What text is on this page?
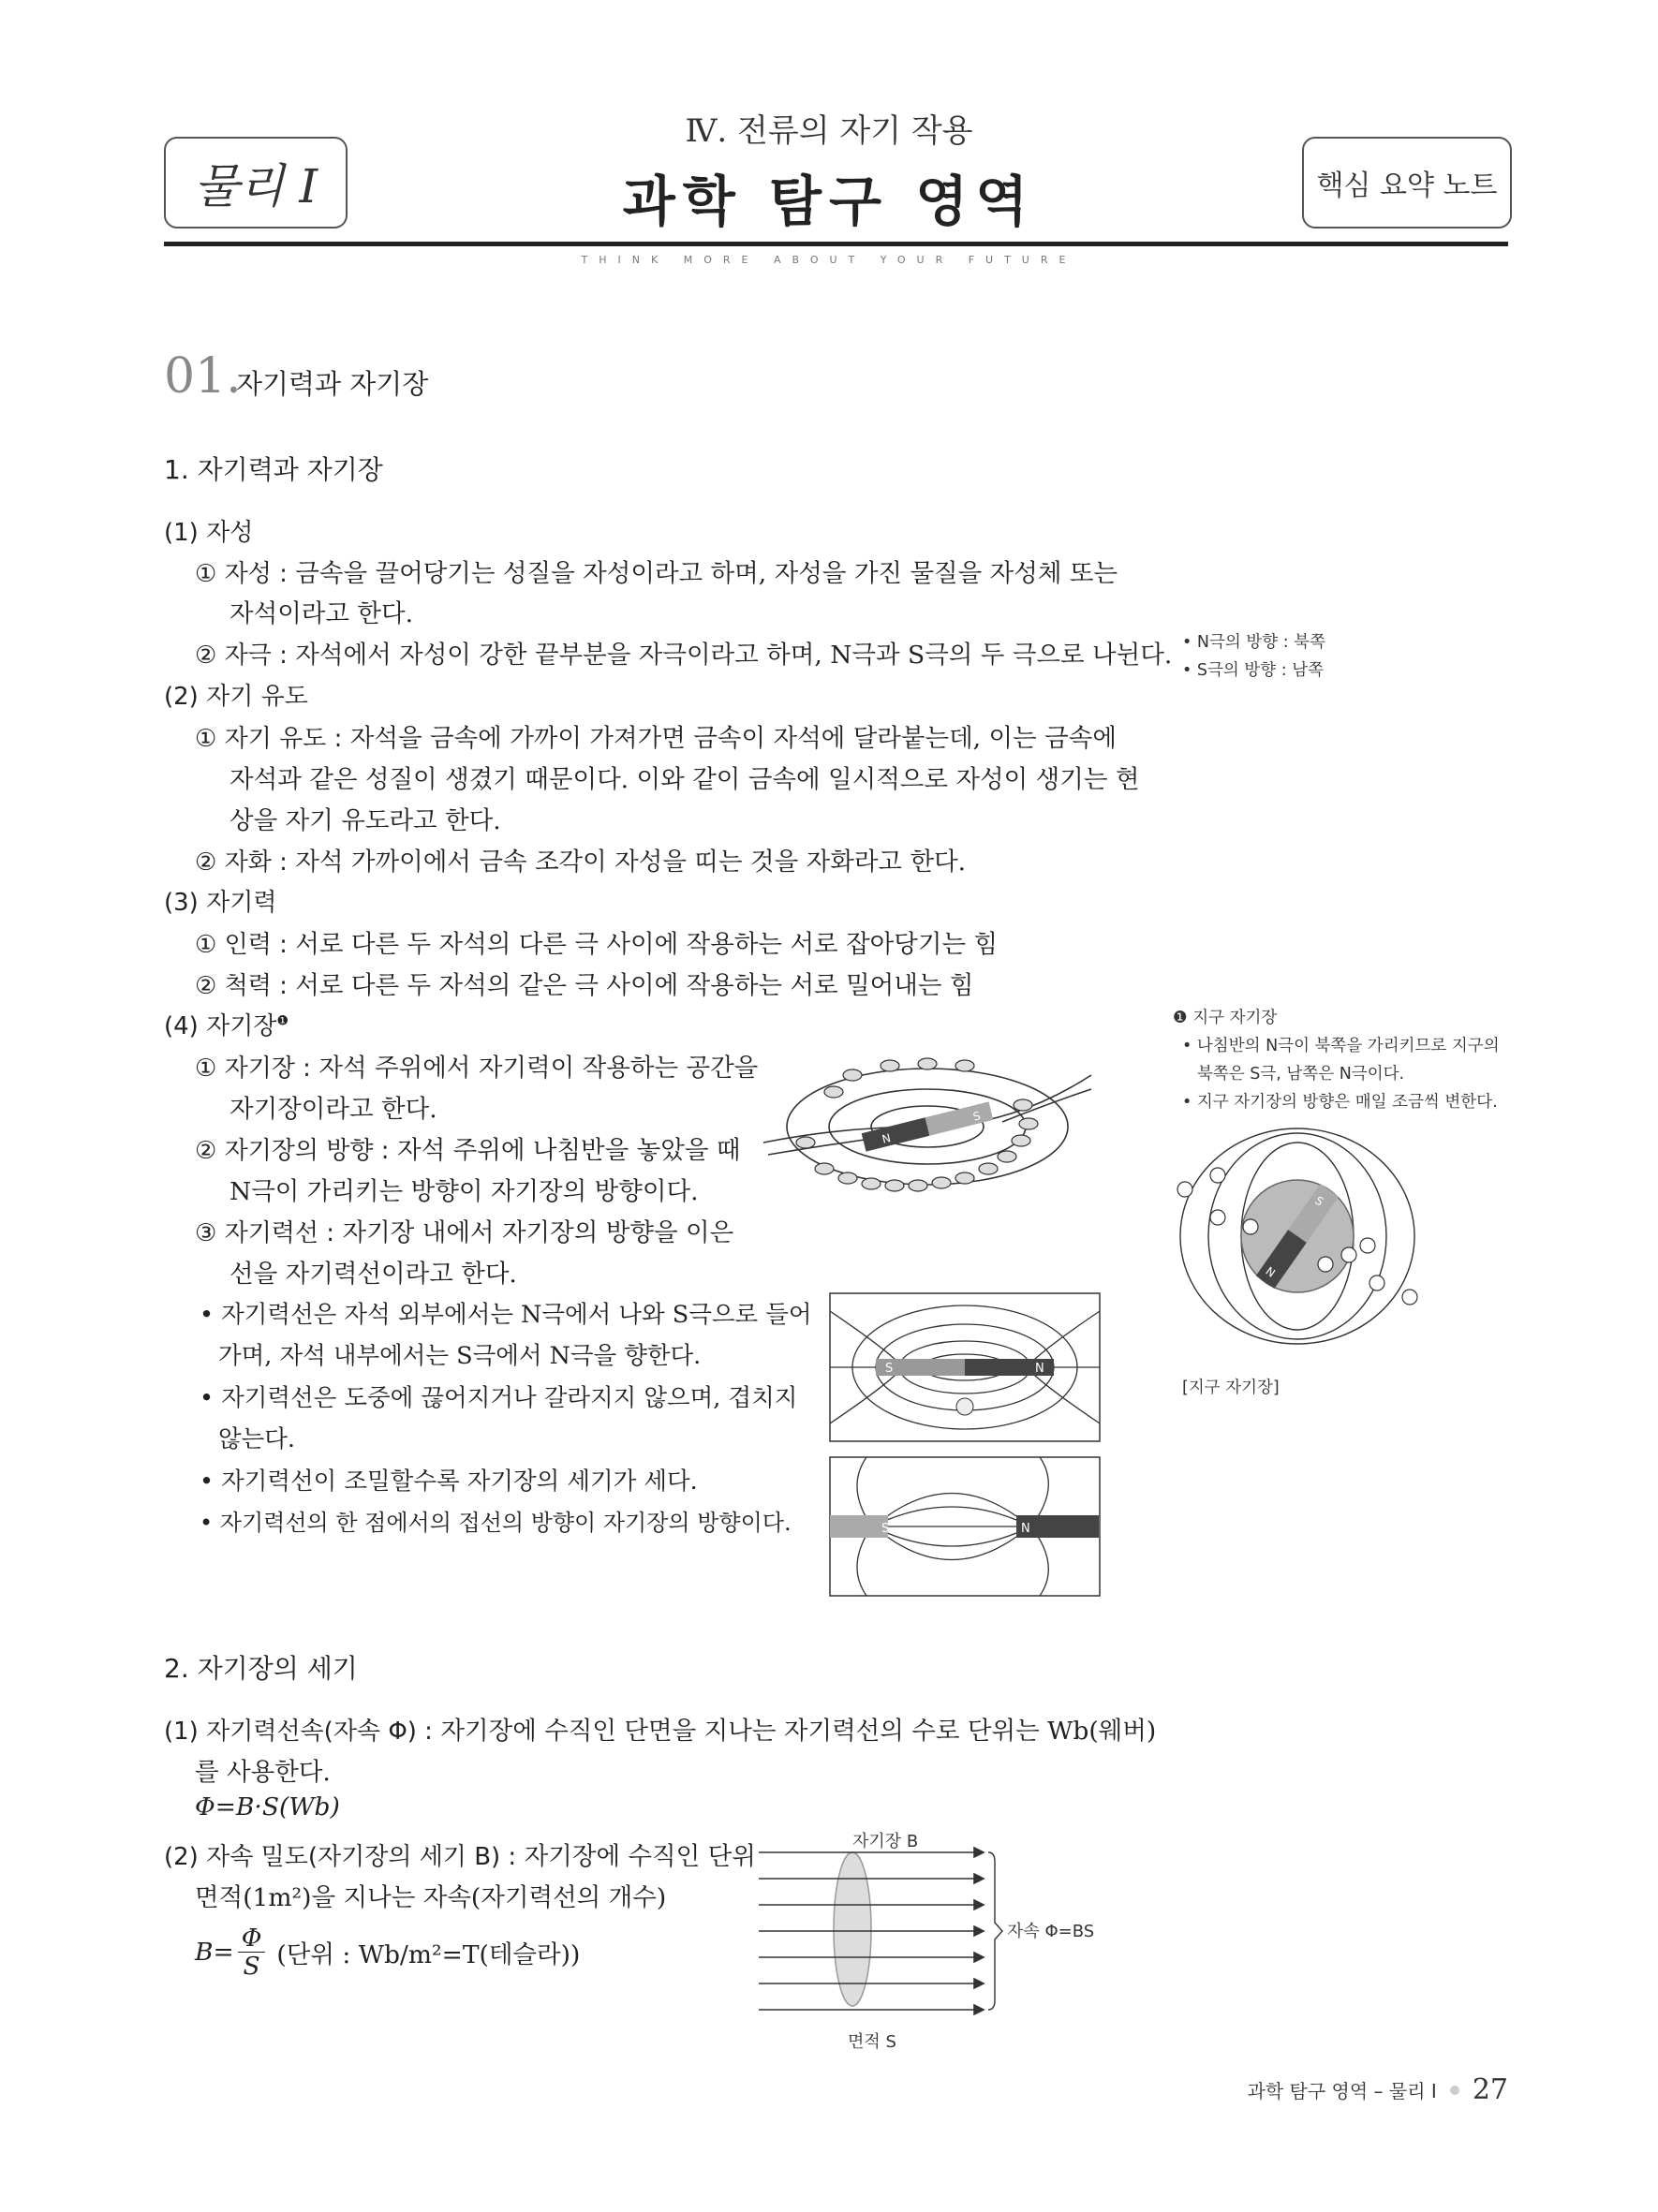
물리 I
Ⅳ. 전류의 자기 작용
과학 탐구 영역	핵심 요약 노트
THINK MORE ABOUT YOUR FUTURE
01.
자기력과 자기장
1. 자기력과 자기장
(1) 자성
① 자성 : 금속을 끌어당기는 성질을 자성이라고 하며, 자성을 가진 물질을 자성체 또는
자석이라고 한다.
② 자극 : 자석에서 자성이 강한 끝부분을 자극이라고 하며, N극과 S극의 두 극으로 나뉜다.
(2) 자기 유도
① 자기 유도 : 자석을 금속에 가까이 가져가면 금속이 자석에 달라붙는데, 이는 금속에
자석과 같은 성질이 생겼기 때문이다. 이와 같이 금속에 일시적으로 자성이 생기는 현
상을 자기 유도라고 한다.
② 자화 : 자석 가까이에서 금속 조각이 자성을 띠는 것을 자화라고 한다.
(3) 자기력
① 인력 : 서로 다른 두 자석의 다른 극 사이에 작용하는 서로 잡아당기는 힘
② 척력 : 서로 다른 두 자석의 같은 극 사이에 작용하는 서로 밀어내는 힘
(4) 자기장$^❶$
① 자기장 : 자석 주위에서 자기력이 작용하는 공간을
자기장이라고 한다.
② 자기장의 방향 : 자석 주위에 나침반을 놓았을 때
N극이 가리키는 방향이 자기장의 방향이다.
③ 자기력선 : 자기장 내에서 자기장의 방향을 이은
선을 자기력선이라고 한다.
• 자기력선은 자석 외부에서는 N극에서 나와 S극으로 들어
가며, 자석 내부에서는 S극에서 N극을 향한다.
• 자기력선은 도중에 끊어지거나 갈라지지 않으며, 겹치지
않는다.
• 자기력선이 조밀할수록 자기장의 세기가 세다.
• 자기력선의 한 점에서의 접선의 방향이 자기장의 방향이다.
N
S
S	N
S	N
2. 자기장의 세기
(1) 자기력선속(자속 Φ) : 자기장에 수직인 단면을 지나는 자기력선의 수로 단위는 Wb(웨버)
를 사용한다.
Φ=B·S(Wb)
(2) 자속 밀도(자기장의 세기 B) : 자기장에 수직인 단위
면적(1m²)을 지나는 자속(자기력선의 개수)
$B= \frac{\Phi}{S}$ (단위 : Wb/m²=T(테슬라))
자기장 B
자속 Φ=BS
면적 S
• N극의 방향 : 북쪽
• S극의 방향 : 남쪽
❶ 지구 자기장
• 나침반의 N극이 북쪽을 가리키므로 지구의
북쪽은 S극, 남쪽은 N극이다.
• 지구 자기장의 방향은 매일 조금씩 변한다.
S
N
[지구 자기장]
과학 탐구 영역 – 물리 I 27
